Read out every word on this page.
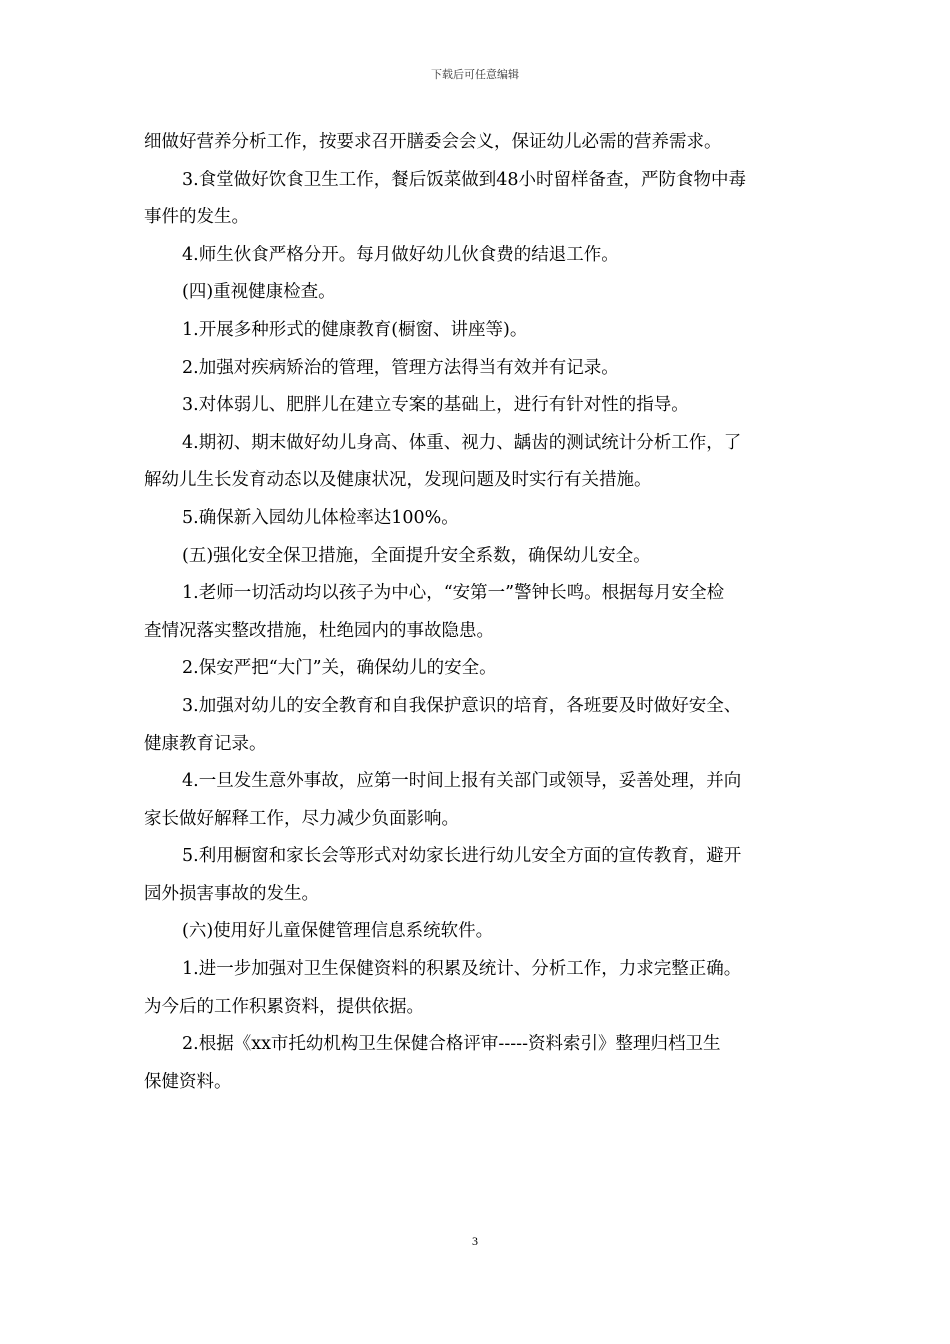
下载后可任意编辑
细做好营养分析工作，按要求召开膳委会会义，保证幼儿必需的营养需求。
3.食堂做好饮食卫生工作，餐后饭菜做到48小时留样备查，严防食物中毒
事件的发生。
4.师生伙食严格分开。每月做好幼儿伙食费的结退工作。
(四)重视健康检查。
1.开展多种形式的健康教育(橱窗、讲座等)。
2.加强对疾病矫治的管理，管理方法得当有效并有记录。
3.对体弱儿、肥胖儿在建立专案的基础上，进行有针对性的指导。
4.期初、期末做好幼儿身高、体重、视力、龋齿的测试统计分析工作，了
解幼儿生长发育动态以及健康状况，发现问题及时实行有关措施。
5.确保新入园幼儿体检率达100%。
(五)强化安全保卫措施，全面提升安全系数，确保幼儿安全。
1.老师一切活动均以孩子为中心，“安第一”警钟长鸣。根据每月安全检
查情况落实整改措施，杜绝园内的事故隐患。
2.保安严把“大门”关，确保幼儿的安全。
3.加强对幼儿的安全教育和自我保护意识的培育，各班要及时做好安全、
健康教育记录。
4.一旦发生意外事故，应第一时间上报有关部门或领导，妥善处理，并向
家长做好解释工作，尽力减少负面影响。
5.利用橱窗和家长会等形式对幼家长进行幼儿安全方面的宣传教育，避开
园外损害事故的发生。
(六)使用好儿童保健管理信息系统软件。
1.进一步加强对卫生保健资料的积累及统计、分析工作，力求完整正确。
为今后的工作积累资料，提供依据。
2.根据《xx市托幼机构卫生保健合格评审-----资料索引》整理归档卫生
保健资料。
3
